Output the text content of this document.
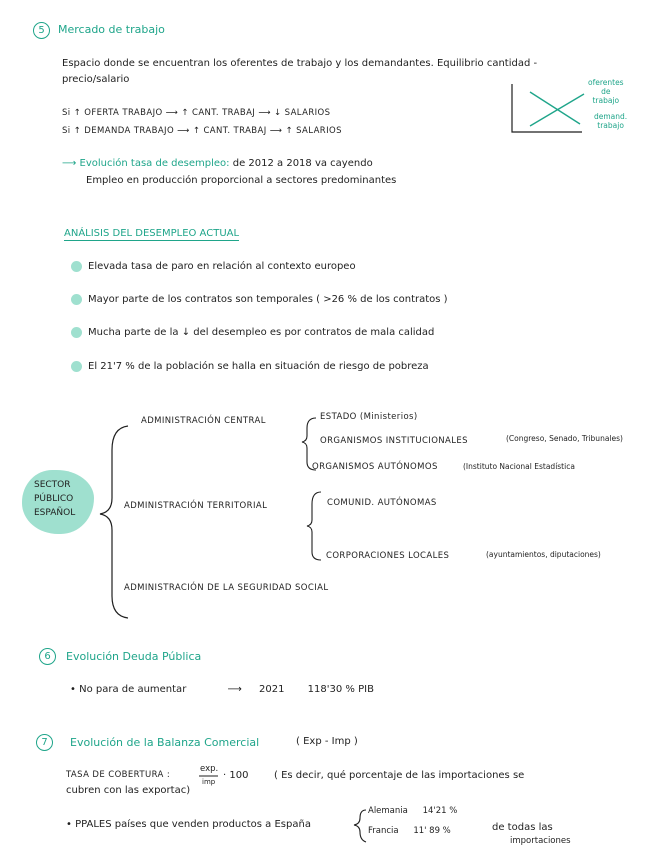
5	Mercado de trabajo
Espacio donde se encuentran los oferentes de trabajo y los demandantes. Equilibrio cantidad -
precio/salario
Si ↑ OFERTA TRABAJO ⟶ ↑ CANT. TRABAJ ⟶ ↓ SALARIOS
Si ↑ DEMANDA TRABAJO ⟶ ↑ CANT. TRABAJ ⟶ ↑ SALARIOS
oferentes
de
trabajo
demand.
trabajo
⟶ Evolución tasa de desempleo: de 2012 a 2018 va cayendo
Empleo en producción proporcional a sectores predominantes
ANÁLISIS DEL DESEMPLEO ACTUAL
Elevada tasa de paro en relación al contexto europeo
Mayor parte de los contratos son temporales ( >26 % de los contratos )
Mucha parte de la ↓ del desempleo es por contratos de mala calidad
El 21'7 % de la población se halla en situación de riesgo de pobreza
SECTOR
PÚBLICO
ESPAÑOL
ADMINISTRACIÓN CENTRAL	ESTADO (Ministerios)
ORGANISMOS INSTITUCIONALES	(Congreso, Senado, Tribunales)
ORGANISMOS AUTÓNOMOS	(Instituto Nacional Estadística
ADMINISTRACIÓN TERRITORIAL	COMUNID. AUTÓNOMAS
CORPORACIONES LOCALES	(ayuntamientos, diputaciones)
ADMINISTRACIÓN DE LA SEGURIDAD SOCIAL
6	Evolución Deuda Pública
• No para de aumentar	⟶ 2021 118'30 % PIB
7	Evolución de la Balanza Comercial	( Exp - Imp )
TASA DE COBERTURA :
exp.
imp
· 100	( Es decir, qué porcentaje de las importaciones se
cubren con las exportac)
• PPALES países que venden productos a España
Alemania 14'21 %
Francia 11' 89 %	de todas las
importaciones
